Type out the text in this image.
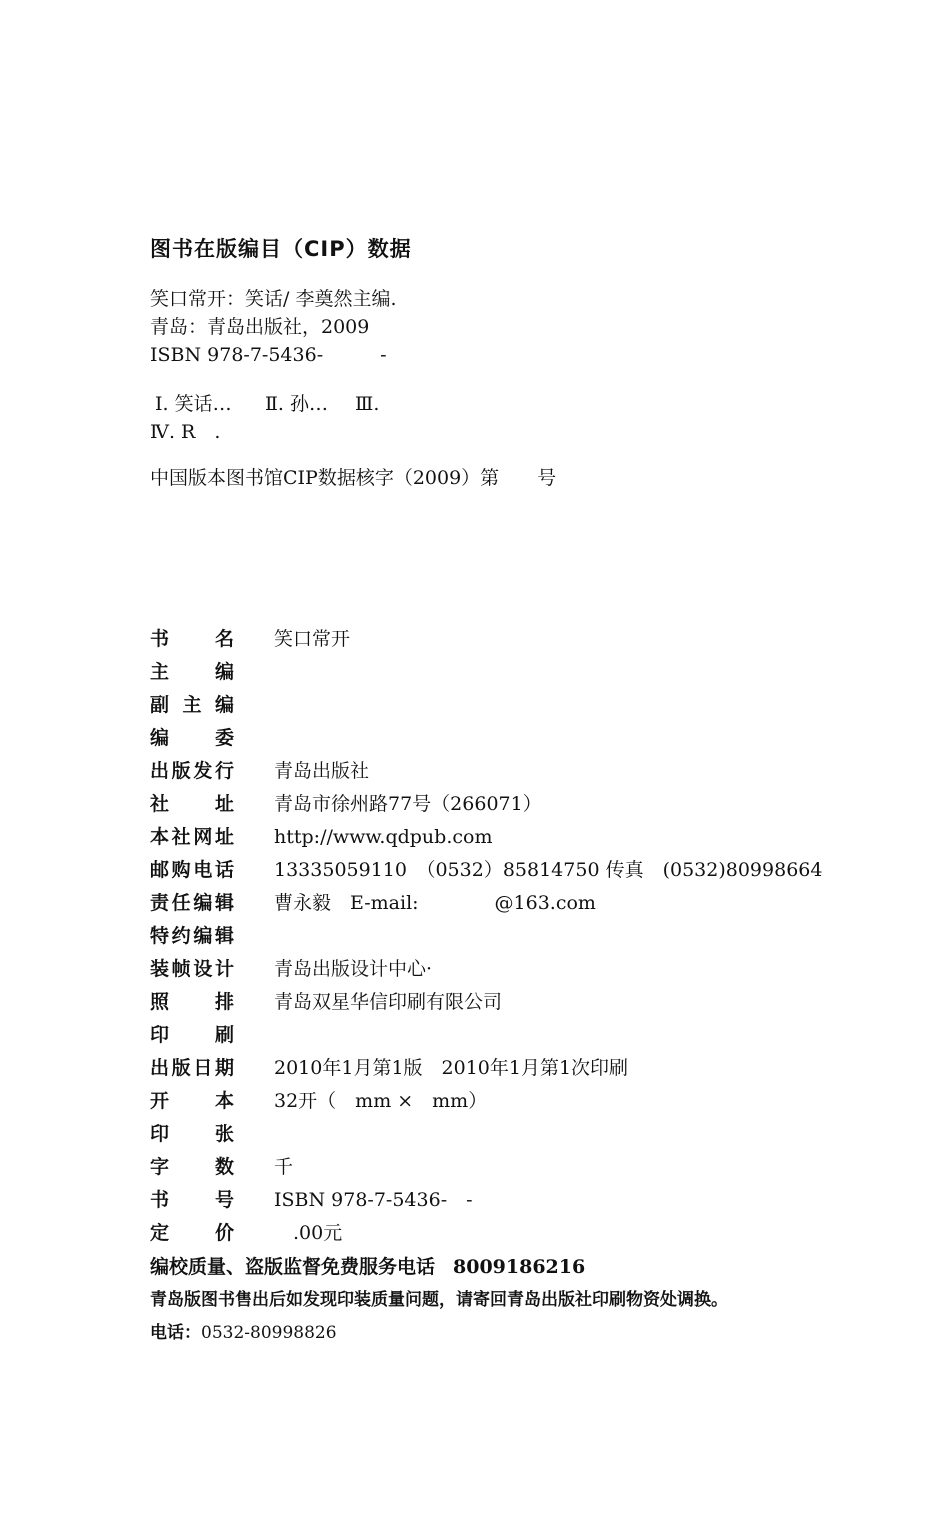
图书在版编目（CIP）数据
笑口常开：笑话/ 李奠然主编.
青岛：青岛出版社，2009
ISBN 978-7-5436-　　　-
Ⅰ. 笑话… Ⅱ. 孙… Ⅲ.
Ⅳ. R　.
中国版本图书馆CIP数据核字（2009）第　　号
书名 笑口常开
主编
副主编
编委
出版发行 青岛出版社
社址 青岛市徐州路77号（266071）
本社网址 http://www.qdpub.com
邮购电话 13335059110　（0532）85814750 传真　(0532)80998664
责任编辑 曹永毅　E-mail:　　　　@163.com
特约编辑
装帧设计 青岛出版设计中心·
照排 青岛双星华信印刷有限公司
印刷
出版日期 2010年1月第1版　2010年1月第1次印刷
开本 32开（　mm ×　mm）
印张
字数 千
书号 ISBN 978-7-5436-　-
定价 　.00元
编校质量、盗版监督免费服务电话 8009186216
青岛版图书售出后如发现印装质量问题，请寄回青岛出版社印刷物资处调换。
电话：0532-80998826
